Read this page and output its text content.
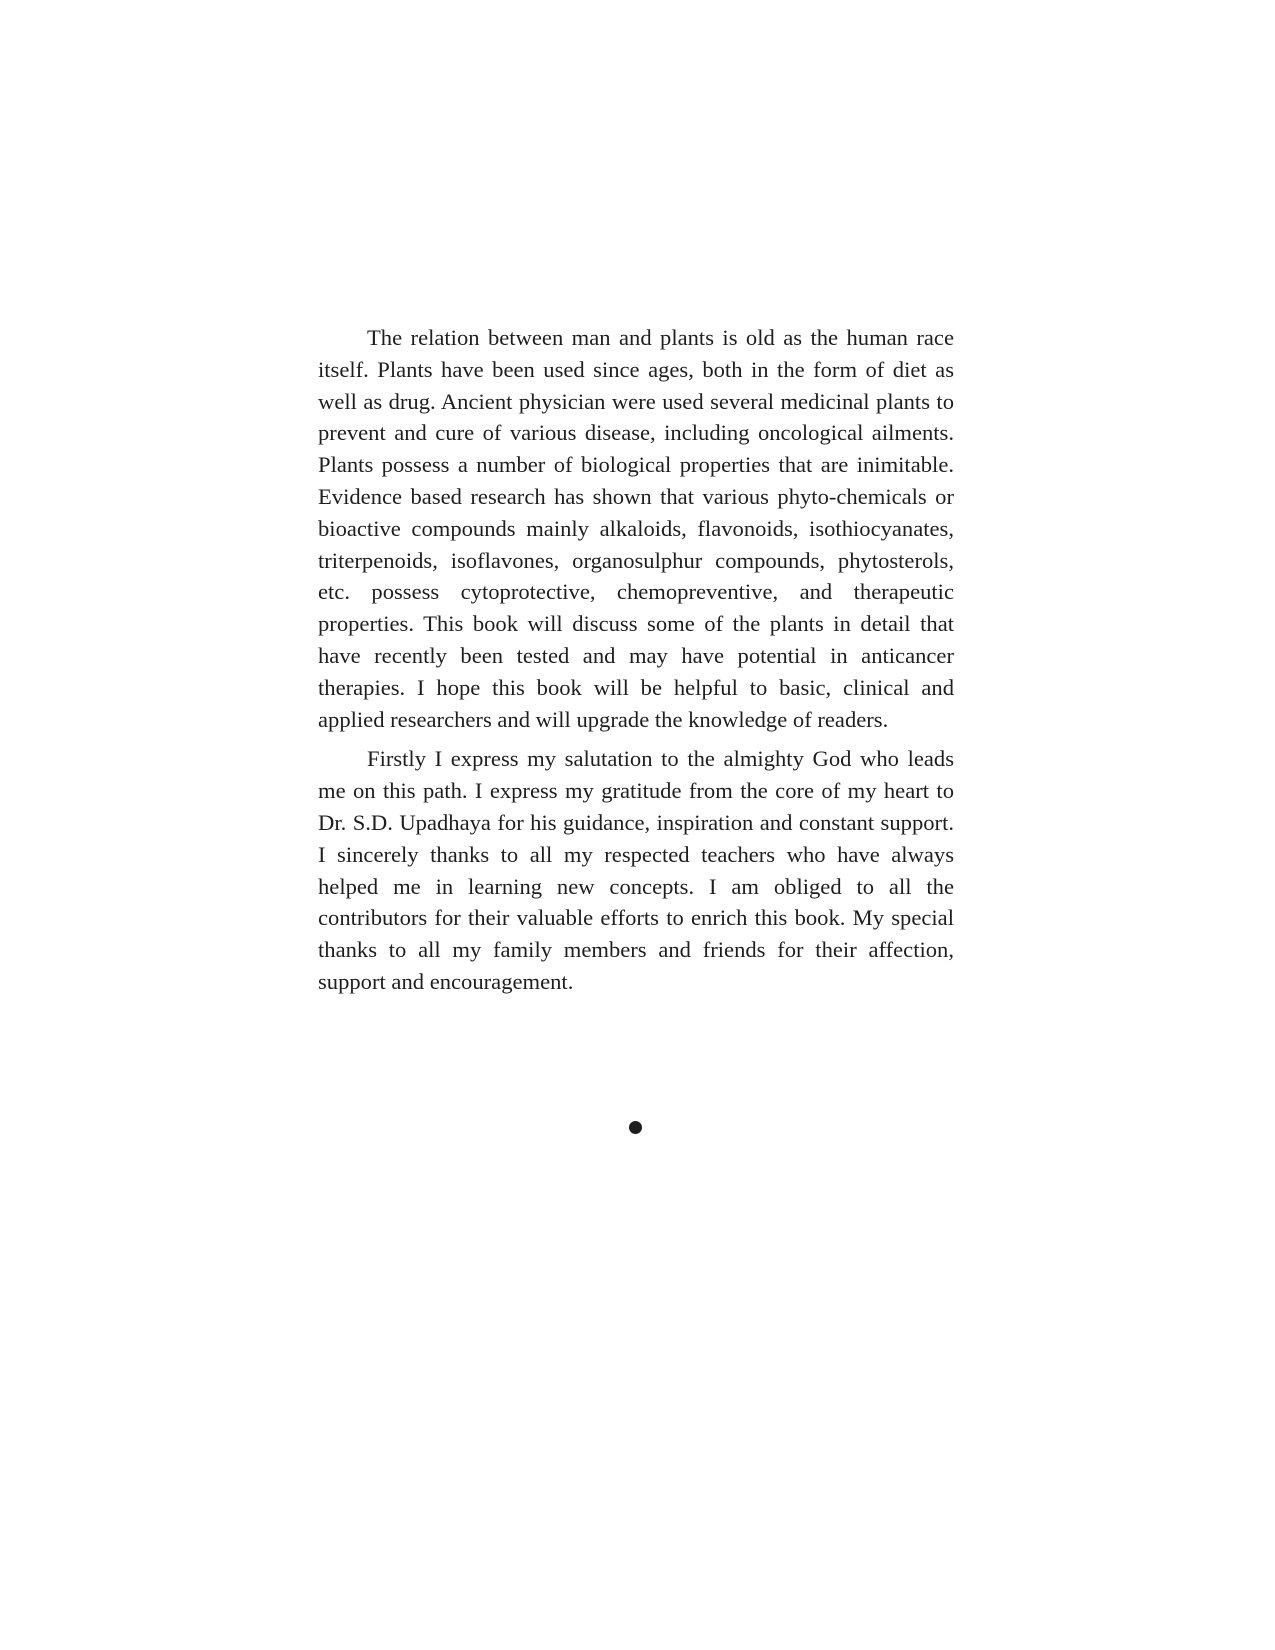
The relation between man and plants is old as the human race itself. Plants have been used since ages, both in the form of diet as well as drug. Ancient physician were used several medicinal plants to prevent and cure of various disease, including oncological ailments. Plants possess a number of biological properties that are inimitable. Evidence based research has shown that various phyto-chemicals or bioactive compounds mainly alkaloids, flavonoids, isothiocyanates, triterpenoids, isoflavones, organosulphur compounds, phytosterols, etc. possess cytoprotective, chemopreventive, and therapeutic properties. This book will discuss some of the plants in detail that have recently been tested and may have potential in anticancer therapies. I hope this book will be helpful to basic, clinical and applied researchers and will upgrade the knowledge of readers.

Firstly I express my salutation to the almighty God who leads me on this path. I express my gratitude from the core of my heart to Dr. S.D. Upadhaya for his guidance, inspiration and constant support. I sincerely thanks to all my respected teachers who have always helped me in learning new concepts. I am obliged to all the contributors for their valuable efforts to enrich this book. My special thanks to all my family members and friends for their affection, support and encouragement.
